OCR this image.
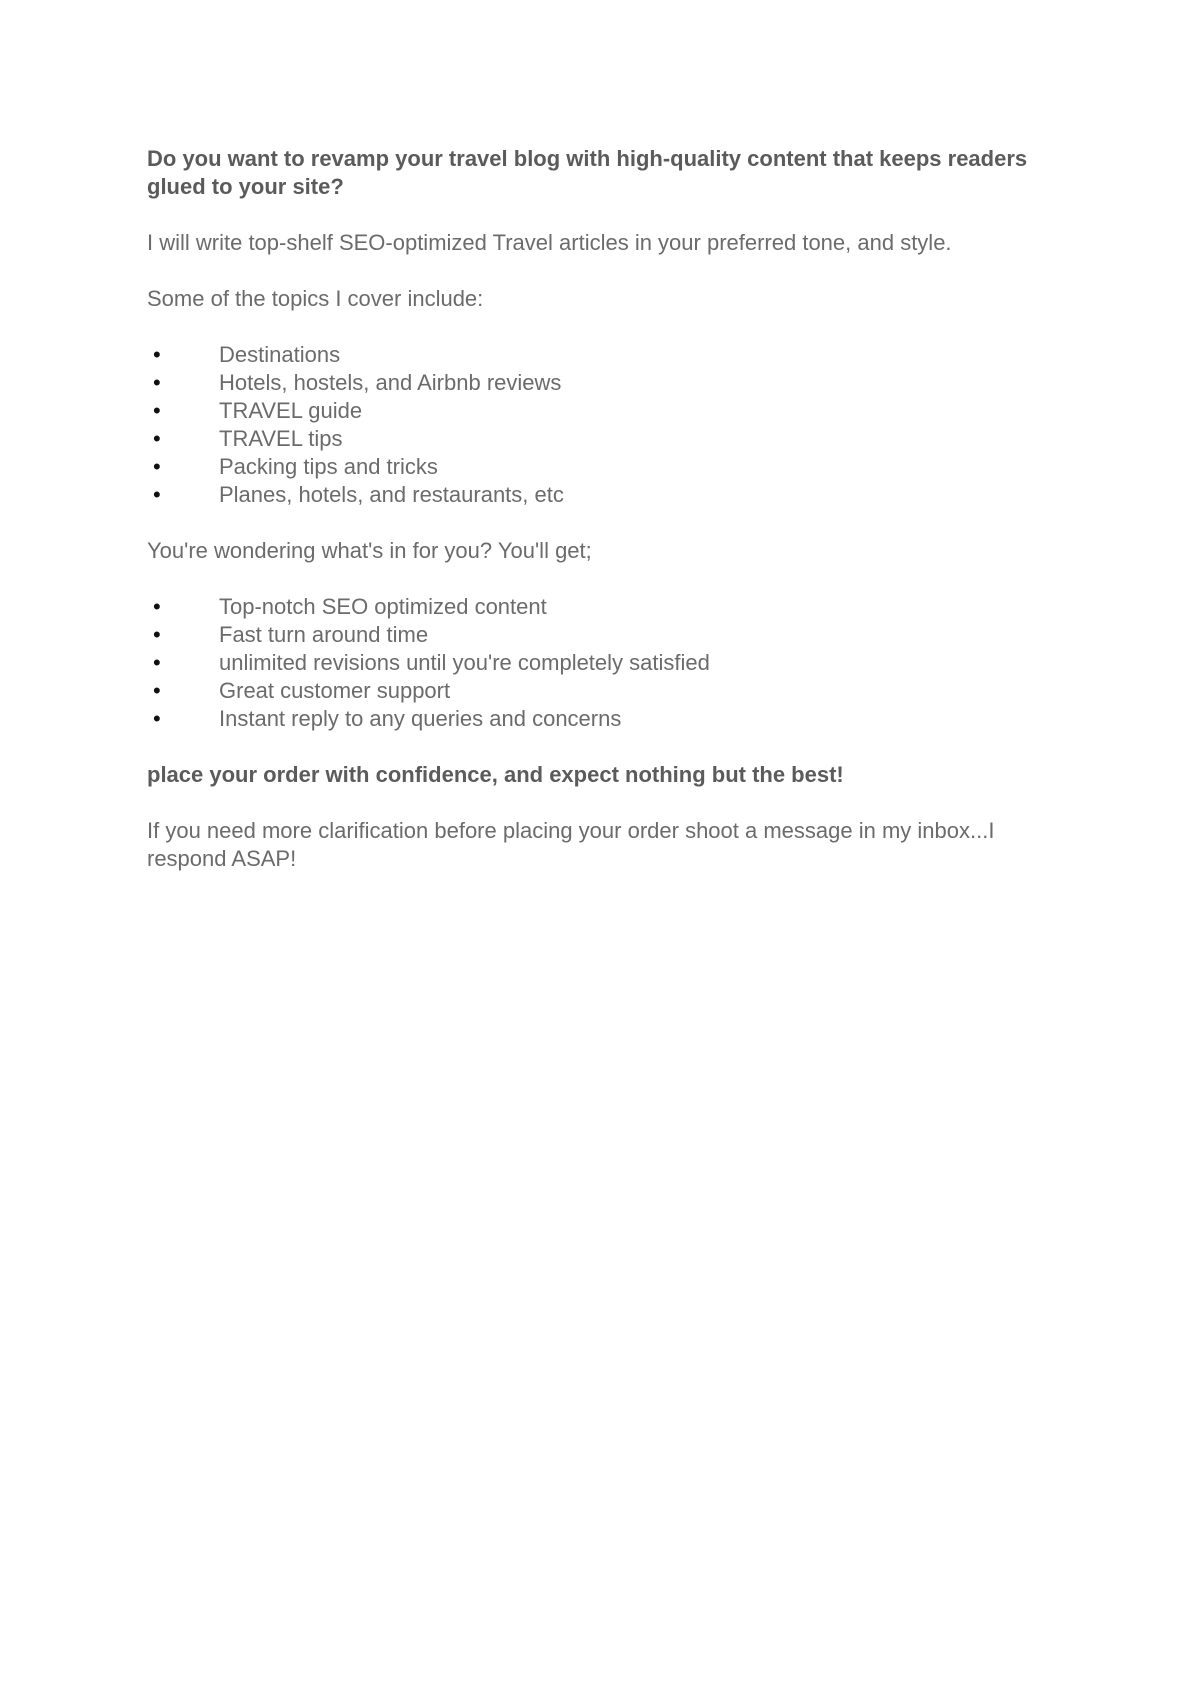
Do you want to revamp your travel blog with high-quality content that keeps readers glued to your site?

I will write top-shelf SEO-optimized Travel articles in your preferred tone, and style.

Some of the topics I cover include:

•	Destinations
•	Hotels, hostels, and Airbnb reviews
•	TRAVEL guide
•	TRAVEL tips
•	Packing tips and tricks
•	Planes, hotels, and restaurants, etc

You're wondering what's in for you? You'll get;

•	Top-notch SEO optimized content
•	Fast turn around time
•	unlimited revisions until you're completely satisfied
•	Great customer support
•	Instant reply to any queries and concerns

place your order with confidence, and expect nothing but the best!

If you need more clarification before placing your order shoot a message in my inbox...I respond ASAP!
